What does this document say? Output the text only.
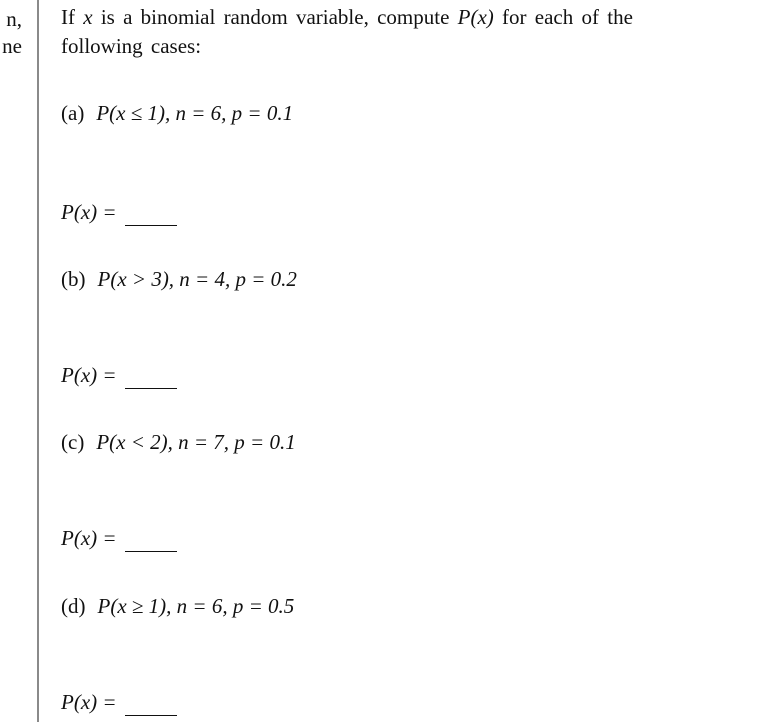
n,
ne

If x is a binomial random variable, compute P(x) for each of the following cases:

(a) P(x ≤ 1), n = 6, p = 0.1

P(x) =

(b) P(x > 3), n = 4, p = 0.2

P(x) =

(c) P(x < 2), n = 7, p = 0.1

P(x) =

(d) P(x ≥ 1), n = 6, p = 0.5

P(x) =
